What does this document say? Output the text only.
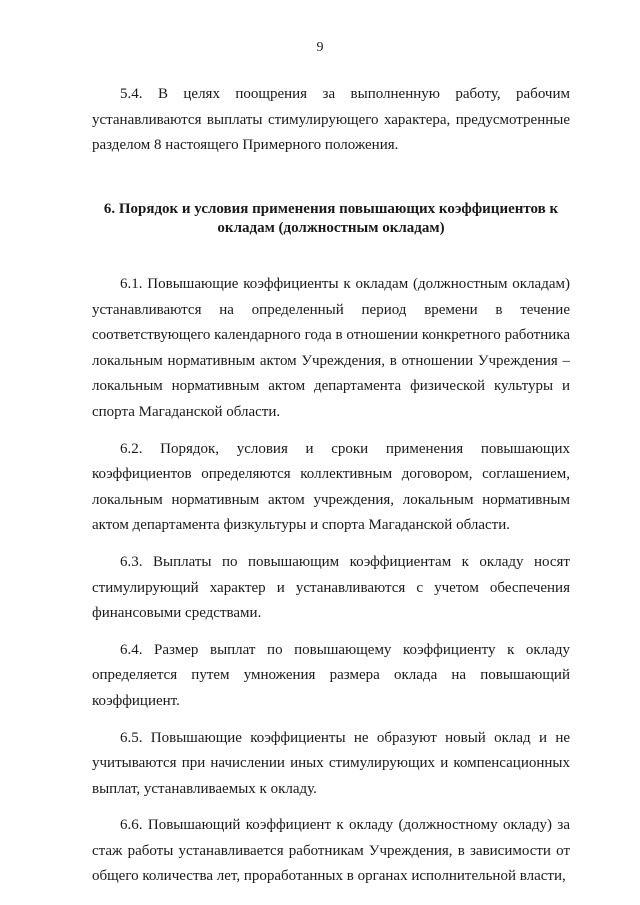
9

5.4. В целях поощрения за выполненную работу, рабочим устанавливаются выплаты стимулирующего характера, предусмотренные разделом 8 настоящего Примерного положения.

6. Порядок и условия применения повышающих коэффициентов к окладам (должностным окладам)

6.1. Повышающие коэффициенты к окладам (должностным окладам) устанавливаются на определенный период времени в течение соответствующего календарного года в отношении конкретного работника локальным нормативным актом Учреждения, в отношении Учреждения – локальным нормативным актом департамента физической культуры и спорта Магаданской области.

6.2. Порядок, условия и сроки применения повышающих коэффициентов определяются коллективным договором, соглашением, локальным нормативным актом учреждения, локальным нормативным актом департамента физкультуры и спорта Магаданской области.

6.3. Выплаты по повышающим коэффициентам к окладу носят стимулирующий характер и устанавливаются с учетом обеспечения финансовыми средствами.

6.4. Размер выплат по повышающему коэффициенту к окладу определяется путем умножения размера оклада на повышающий коэффициент.

6.5. Повышающие коэффициенты не образуют новый оклад и не учитываются при начислении иных стимулирующих и компенсационных выплат, устанавливаемых к окладу.

6.6. Повышающий коэффициент к окладу (должностному окладу) за стаж работы устанавливается работникам Учреждения, в зависимости от общего количества лет, проработанных в органах исполнительной власти,
